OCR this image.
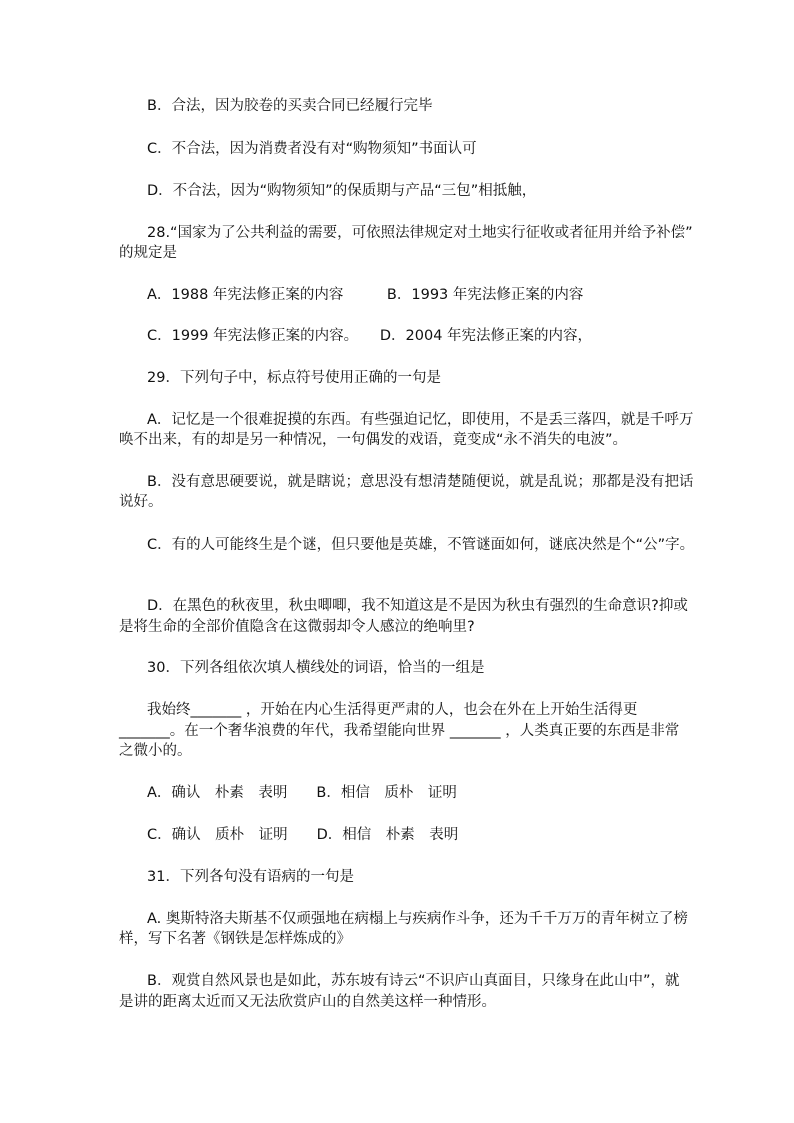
B．合法，因为胶卷的买卖合同已经履行完毕

C．不合法，因为消费者没有对“购物须知”书面认可

D．不合法，因为“购物须知”的保质期与产品“三包”相抵触，

28.“国家为了公共利益的需要，可依照法律规定对土地实行征收或者征用并给予补偿”

的规定是

A．1988 年宪法修正案的内容　　　B．1993 年宪法修正案的内容

C．1999 年宪法修正案的内容。　　D．2004 年宪法修正案的内容，

29．下列句子中，标点符号使用正确的一句是

A．记忆是一个很难捉摸的东西。有些强迫记忆，即使用，不是丢三落四，就是千呼万

唤不出来，有的却是另一种情况，一句偶发的戏语，竟变成“永不消失的电波”。

B．没有意思硬要说，就是瞎说；意思没有想清楚随便说，就是乱说；那都是没有把话

说好。

C．有的人可能终生是个谜，但只要他是英雄，不管谜面如何，谜底决然是个“公”字。

D．在黑色的秋夜里，秋虫唧唧，我不知道这是不是因为秋虫有强烈的生命意识?抑或

是将生命的全部价值隐含在这微弱却令人感泣的绝响里?

30．下列各组依次填人横线处的词语，恰当的一组是

我始终_______ ，开始在内心生活得更严肃的人，也会在外在上开始生活得更

_______。在一个奢华浪费的年代，我希望能向世界 _______ ，人类真正要的东西是非常

之微小的。

A．确认　朴素　表明　　B．相信　质朴　证明

C．确认　质朴　证明　　D．相信　朴素　表明

31．下列各句没有语病的一句是

A. 奥斯特洛夫斯基不仅顽强地在病榻上与疾病作斗争，还为千千万万的青年树立了榜

样，写下名著《钢铁是怎样炼成的》

B．观赏自然风景也是如此，苏东坡有诗云“不识庐山真面目，只缘身在此山中”，就

是讲的距离太近而又无法欣赏庐山的自然美这样一种情形。
